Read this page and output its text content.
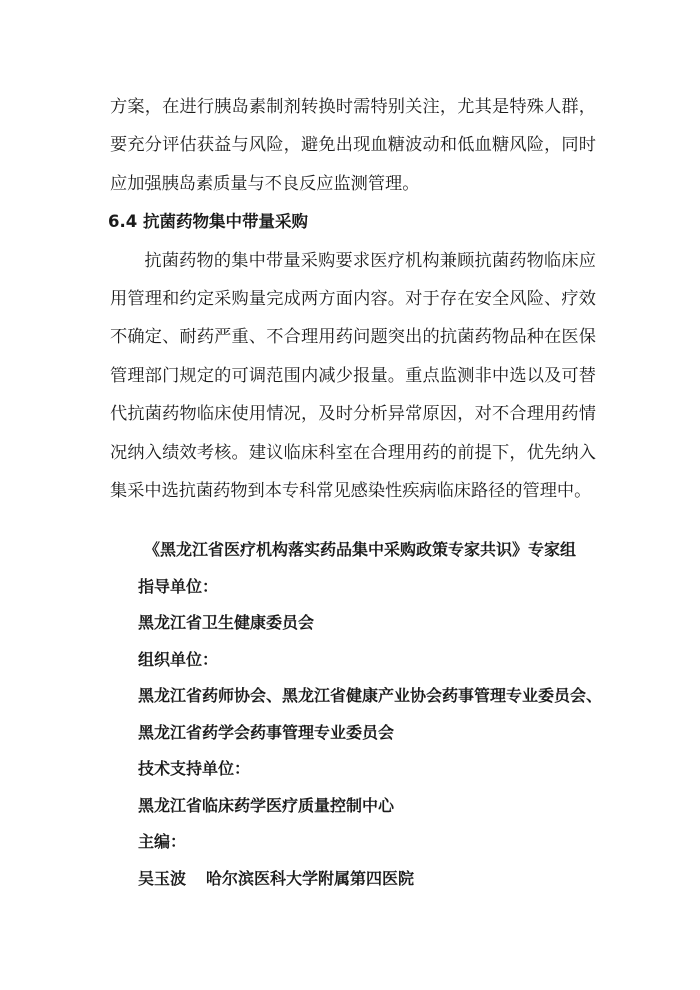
方案，在进行胰岛素制剂转换时需特别关注，尤其是特殊人群，要充分评估获益与风险，避免出现血糖波动和低血糖风险，同时应加强胰岛素质量与不良反应监测管理。

6.4 抗菌药物集中带量采购

抗菌药物的集中带量采购要求医疗机构兼顾抗菌药物临床应用管理和约定采购量完成两方面内容。对于存在安全风险、疗效不确定、耐药严重、不合理用药问题突出的抗菌药物品种在医保管理部门规定的可调范围内减少报量。重点监测非中选以及可替代抗菌药物临床使用情况，及时分析异常原因，对不合理用药情况纳入绩效考核。建议临床科室在合理用药的前提下，优先纳入集采中选抗菌药物到本专科常见感染性疾病临床路径的管理中。

《黑龙江省医疗机构落实药品集中采购政策专家共识》专家组

指导单位：

黑龙江省卫生健康委员会

组织单位：

黑龙江省药师协会、黑龙江省健康产业协会药事管理专业委员会、

黑龙江省药学会药事管理专业委员会

技术支持单位：

黑龙江省临床药学医疗质量控制中心

主编：

吴玉波 哈尔滨医科大学附属第四医院
